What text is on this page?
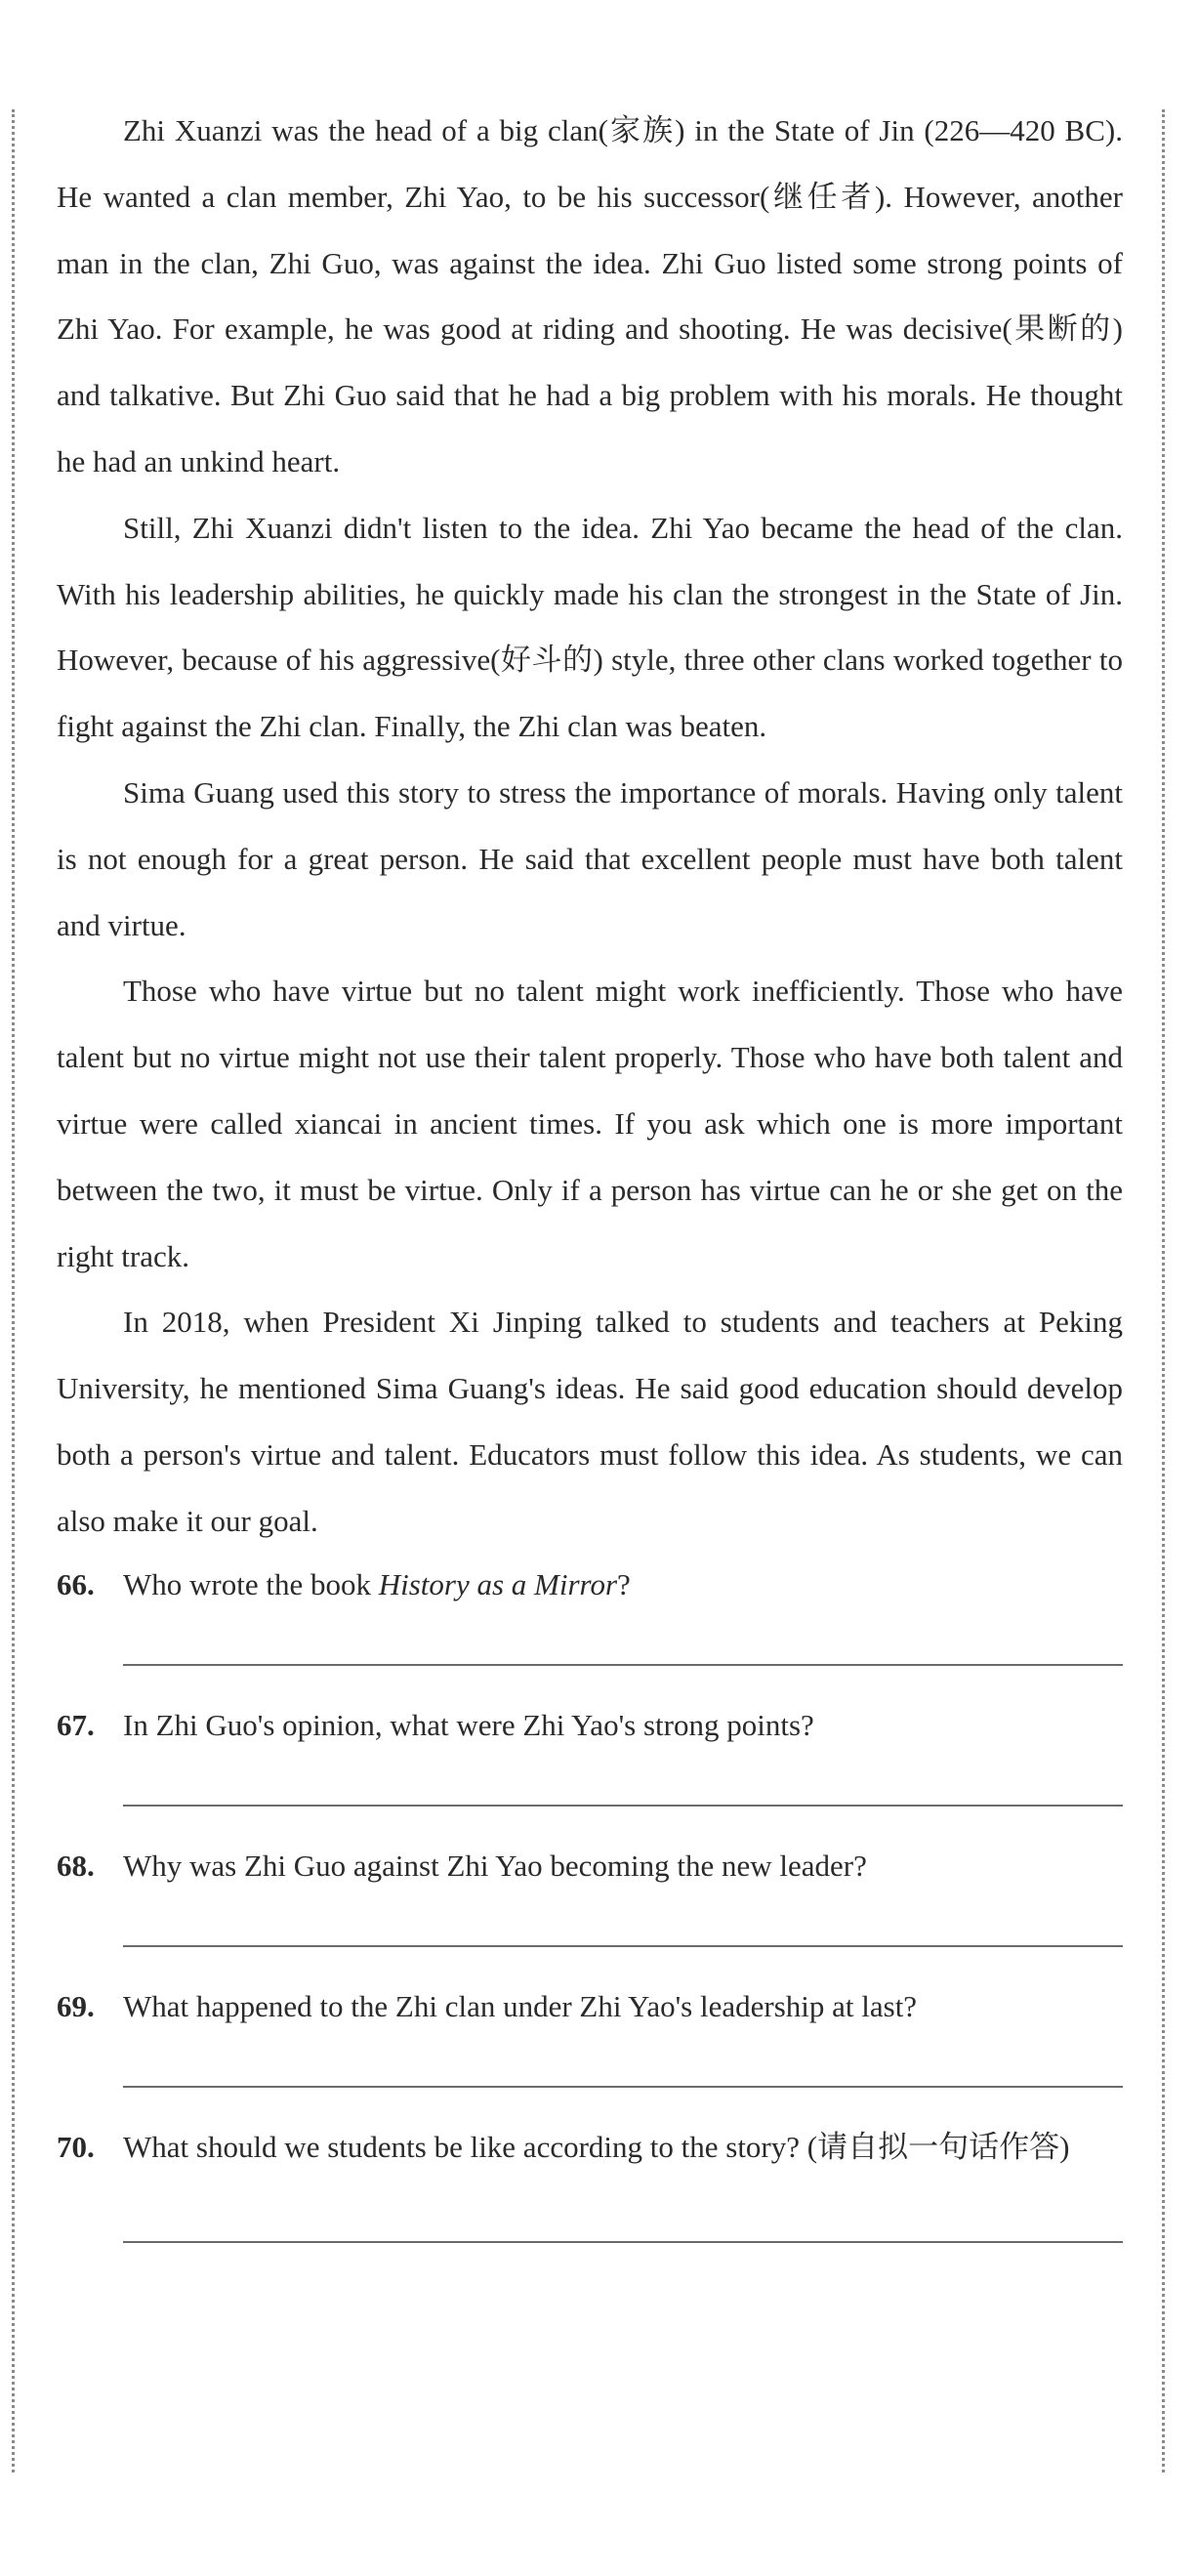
Zhi Xuanzi was the head of a big clan(家族) in the State of Jin (226—420 BC). He wanted a clan member, Zhi Yao, to be his successor(继任者). However, another man in the clan, Zhi Guo, was against the idea. Zhi Guo listed some strong points of Zhi Yao. For example, he was good at riding and shooting. He was decisive(果断的) and talkative. But Zhi Guo said that he had a big problem with his morals. He thought he had an unkind heart.

Still, Zhi Xuanzi didn't listen to the idea. Zhi Yao became the head of the clan. With his leadership abilities, he quickly made his clan the strongest in the State of Jin. However, because of his aggressive(好斗的) style, three other clans worked together to fight against the Zhi clan. Finally, the Zhi clan was beaten.

Sima Guang used this story to stress the importance of morals. Having only talent is not enough for a great person. He said that excellent people must have both talent and virtue.

Those who have virtue but no talent might work inefficiently. Those who have talent but no virtue might not use their talent properly. Those who have both talent and virtue were called xiancai in ancient times. If you ask which one is more important between the two, it must be virtue. Only if a person has virtue can he or she get on the right track.

In 2018, when President Xi Jinping talked to students and teachers at Peking University, he mentioned Sima Guang's ideas. He said good education should develop both a person's virtue and talent. Educators must follow this idea. As students, we can also make it our goal.

66. Who wrote the book History as a Mirror?
67. In Zhi Guo's opinion, what were Zhi Yao's strong points?
68. Why was Zhi Guo against Zhi Yao becoming the new leader?
69. What happened to the Zhi clan under Zhi Yao's leadership at last?
70. What should we students be like according to the story? (请自拟一句话作答)
